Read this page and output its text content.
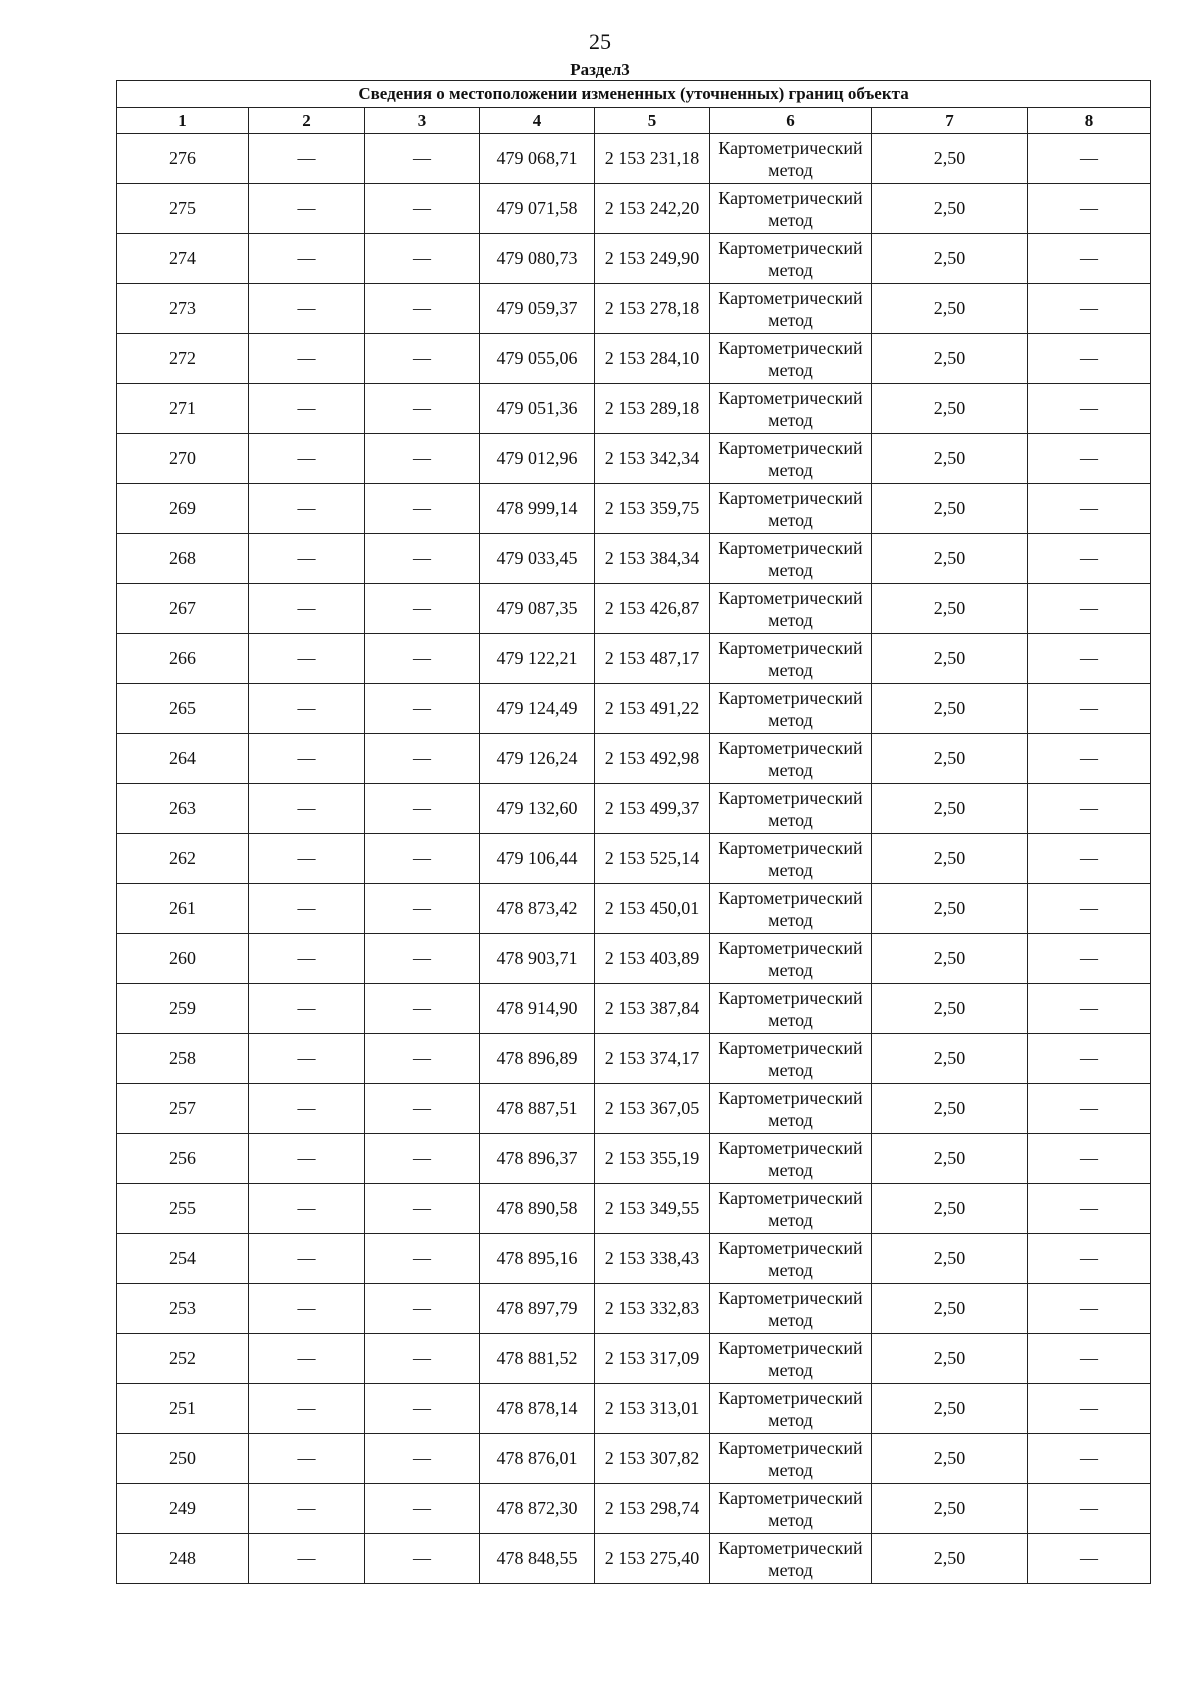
25
Раздел3
Сведения о местоположении измененных (уточненных) границ объекта							
1	2	3	4	5	6	7	8
276	—	—	479 068,71	2 153 231,18	Картометрический метод	2,50	—
275	—	—	479 071,58	2 153 242,20	Картометрический метод	2,50	—
274	—	—	479 080,73	2 153 249,90	Картометрический метод	2,50	—
273	—	—	479 059,37	2 153 278,18	Картометрический метод	2,50	—
272	—	—	479 055,06	2 153 284,10	Картометрический метод	2,50	—
271	—	—	479 051,36	2 153 289,18	Картометрический метод	2,50	—
270	—	—	479 012,96	2 153 342,34	Картометрический метод	2,50	—
269	—	—	478 999,14	2 153 359,75	Картометрический метод	2,50	—
268	—	—	479 033,45	2 153 384,34	Картометрический метод	2,50	—
267	—	—	479 087,35	2 153 426,87	Картометрический метод	2,50	—
266	—	—	479 122,21	2 153 487,17	Картометрический метод	2,50	—
265	—	—	479 124,49	2 153 491,22	Картометрический метод	2,50	—
264	—	—	479 126,24	2 153 492,98	Картометрический метод	2,50	—
263	—	—	479 132,60	2 153 499,37	Картометрический метод	2,50	—
262	—	—	479 106,44	2 153 525,14	Картометрический метод	2,50	—
261	—	—	478 873,42	2 153 450,01	Картометрический метод	2,50	—
260	—	—	478 903,71	2 153 403,89	Картометрический метод	2,50	—
259	—	—	478 914,90	2 153 387,84	Картометрический метод	2,50	—
258	—	—	478 896,89	2 153 374,17	Картометрический метод	2,50	—
257	—	—	478 887,51	2 153 367,05	Картометрический метод	2,50	—
256	—	—	478 896,37	2 153 355,19	Картометрический метод	2,50	—
255	—	—	478 890,58	2 153 349,55	Картометрический метод	2,50	—
254	—	—	478 895,16	2 153 338,43	Картометрический метод	2,50	—
253	—	—	478 897,79	2 153 332,83	Картометрический метод	2,50	—
252	—	—	478 881,52	2 153 317,09	Картометрический метод	2,50	—
251	—	—	478 878,14	2 153 313,01	Картометрический метод	2,50	—
250	—	—	478 876,01	2 153 307,82	Картометрический метод	2,50	—
249	—	—	478 872,30	2 153 298,74	Картометрический метод	2,50	—
248	—	—	478 848,55	2 153 275,40	Картометрический метод	2,50	—
